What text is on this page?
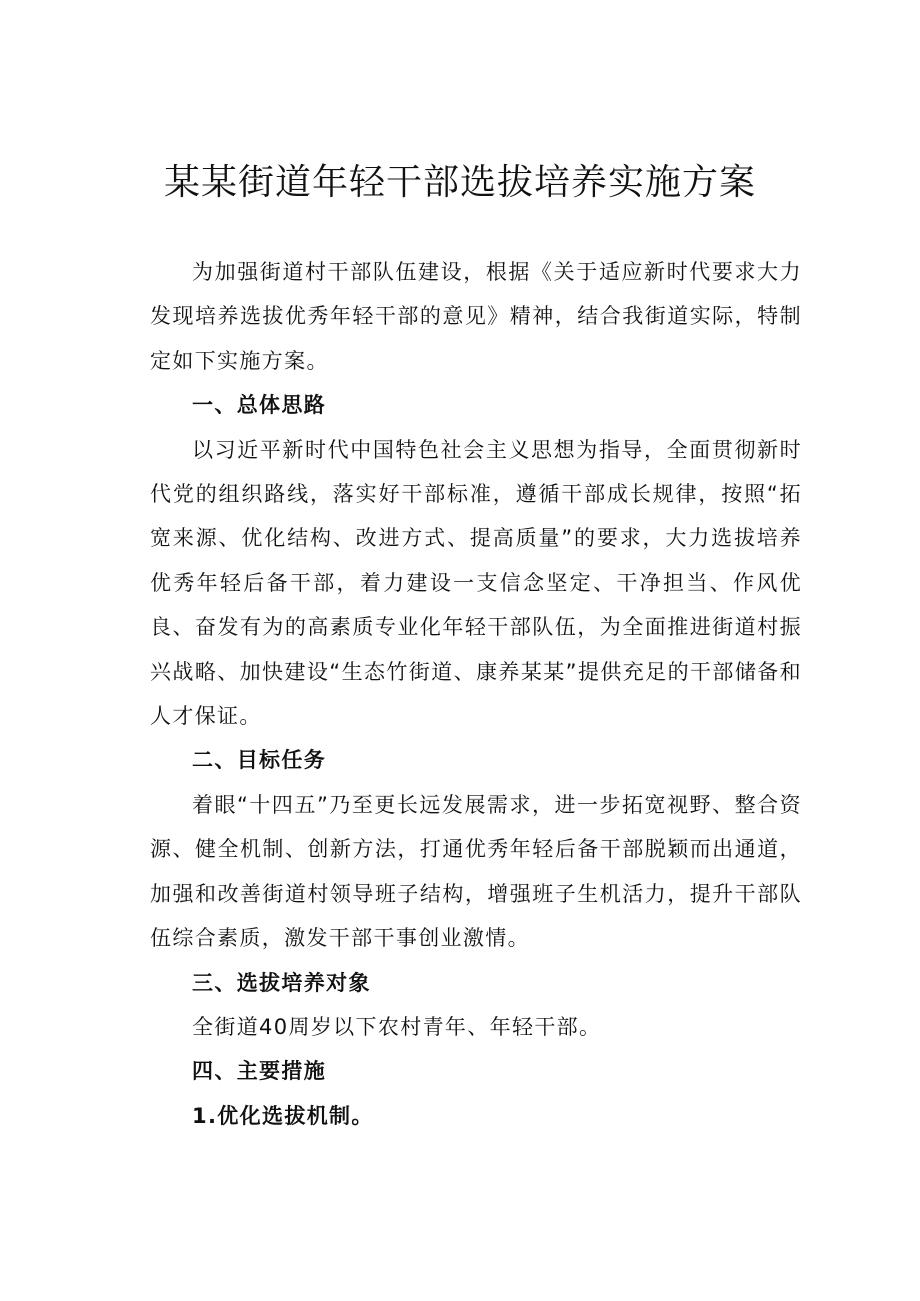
某某街道年轻干部选拔培养实施方案

为加强街道村干部队伍建设，根据《关于适应新时代要求大力发现培养选拔优秀年轻干部的意见》精神，结合我街道实际，特制定如下实施方案。

一、总体思路

以习近平新时代中国特色社会主义思想为指导，全面贯彻新时代党的组织路线，落实好干部标准，遵循干部成长规律，按照“拓宽来源、优化结构、改进方式、提高质量”的要求，大力选拔培养优秀年轻后备干部，着力建设一支信念坚定、干净担当、作风优良、奋发有为的高素质专业化年轻干部队伍，为全面推进街道村振兴战略、加快建设“生态竹街道、康养某某”提供充足的干部储备和人才保证。

二、目标任务

着眼“十四五”乃至更长远发展需求，进一步拓宽视野、整合资源、健全机制、创新方法，打通优秀年轻后备干部脱颖而出通道，加强和改善街道村领导班子结构，增强班子生机活力，提升干部队伍综合素质，激发干部干事创业激情。

三、选拔培养对象

全街道40周岁以下农村青年、年轻干部。

四、主要措施

1.优化选拔机制。
